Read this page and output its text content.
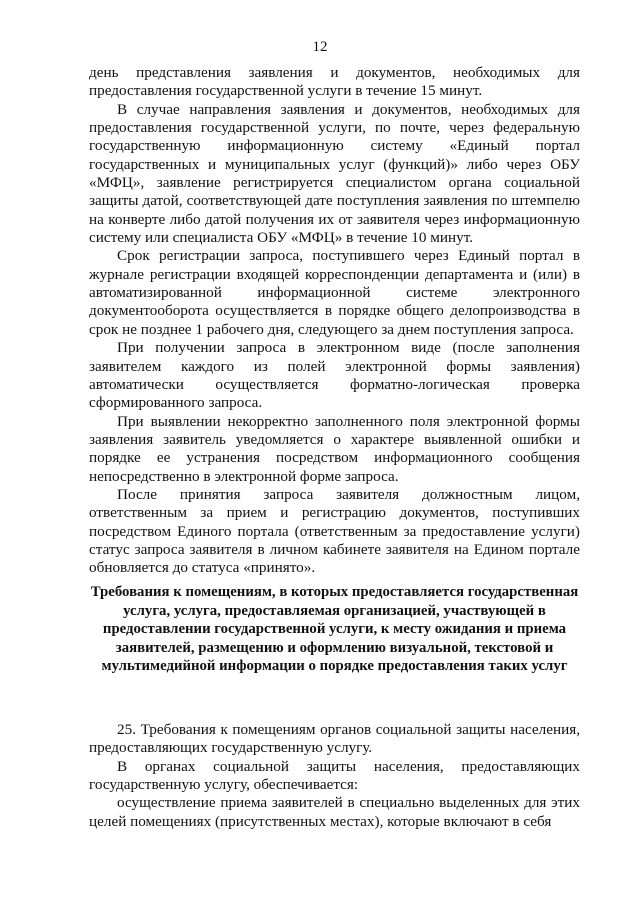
12

день представления заявления и документов, необходимых для предоставления государственной услуги в течение 15 минут.

В случае направления заявления и документов, необходимых для предоставления государственной услуги, по почте, через федеральную государственную информационную систему «Единый портал государственных и муниципальных услуг (функций)» либо через ОБУ «МФЦ», заявление регистрируется специалистом органа социальной защиты датой, соответствующей дате поступления заявления по штемпелю на конверте либо датой получения их от заявителя через информационную систему или специалиста ОБУ «МФЦ» в течение 10 минут.

Срок регистрации запроса, поступившего через Единый портал в журнале регистрации входящей корреспонденции департамента и (или) в автоматизированной информационной системе электронного документооборота осуществляется в порядке общего делопроизводства в срок не позднее 1 рабочего дня, следующего за днем поступления запроса.

При получении запроса в электронном виде (после заполнения заявителем каждого из полей электронной формы заявления) автоматически осуществляется форматно-логическая проверка сформированного запроса.

При выявлении некорректно заполненного поля электронной формы заявления заявитель уведомляется о характере выявленной ошибки и порядке ее устранения посредством информационного сообщения непосредственно в электронной форме запроса.

После принятия запроса заявителя должностным лицом, ответственным за прием и регистрацию документов, поступивших посредством Единого портала (ответственным за предоставление услуги) статус запроса заявителя в личном кабинете заявителя на Едином портале обновляется до статуса «принято».

Требования к помещениям, в которых предоставляется государственная услуга, услуга, предоставляемая организацией, участвующей в предоставлении государственной услуги, к месту ожидания и приема заявителей, размещению и оформлению визуальной, текстовой и мультимедийной информации о порядке предоставления таких услуг

25. Требования к помещениям органов социальной защиты населения, предоставляющих государственную услугу.

В органах социальной защиты населения, предоставляющих государственную услугу, обеспечивается:

осуществление приема заявителей в специально выделенных для этих целей помещениях (присутственных местах), которые включают в себя
